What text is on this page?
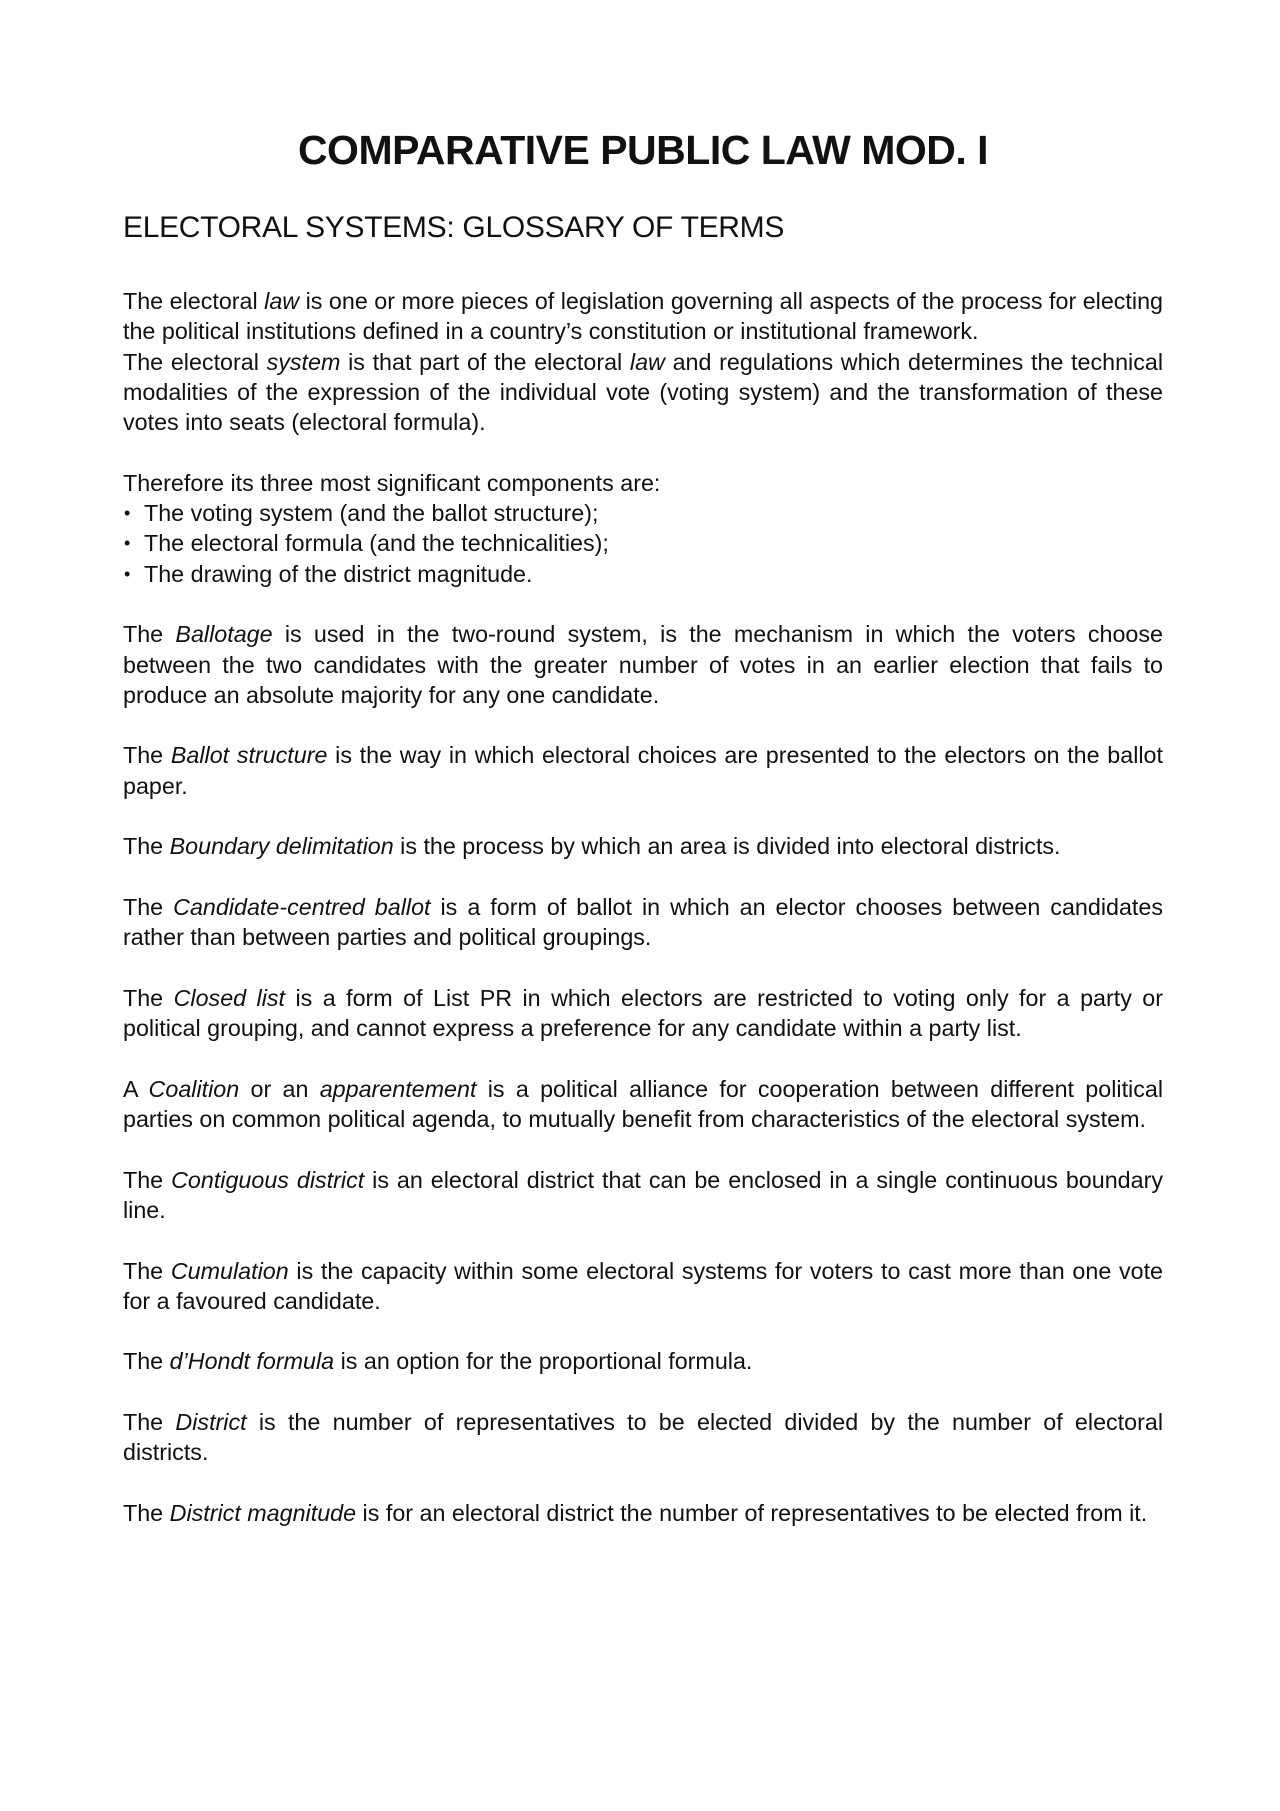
COMPARATIVE PUBLIC LAW MOD. I
ELECTORAL SYSTEMS: GLOSSARY OF TERMS

The electoral law is one or more pieces of legislation governing all aspects of the process for electing the political institutions defined in a country’s constitution or institutional framework.

The electoral system is that part of the electoral law and regulations which determines the technical modalities of the expression of the individual vote (voting system) and the transformation of these votes into seats (electoral formula).

Therefore its three most significant components are:

• The voting system (and the ballot structure);
• The electoral formula (and the technicalities);
• The drawing of the district magnitude.

The Ballotage is used in the two-round system, is the mechanism in which the voters choose between the two candidates with the greater number of votes in an earlier election that fails to produce an absolute majority for any one candidate.

The Ballot structure is the way in which electoral choices are presented to the electors on the ballot paper.

The Boundary delimitation is the process by which an area is divided into electoral districts.

The Candidate-centred ballot is a form of ballot in which an elector chooses between candidates rather than between parties and political groupings.

The Closed list is a form of List PR in which electors are restricted to voting only for a party or political grouping, and cannot express a preference for any candidate within a party list.

A Coalition or an apparentement is a political alliance for cooperation between different political parties on common political agenda, to mutually benefit from characteristics of the electoral system.

The Contiguous district is an electoral district that can be enclosed in a single continuous boundary line.

The Cumulation is the capacity within some electoral systems for voters to cast more than one vote for a favoured candidate.

The d’Hondt formula is an option for the proportional formula.

The District is the number of representatives to be elected divided by the number of electoral districts.

The District magnitude is for an electoral district the number of representatives to be elected from it.
